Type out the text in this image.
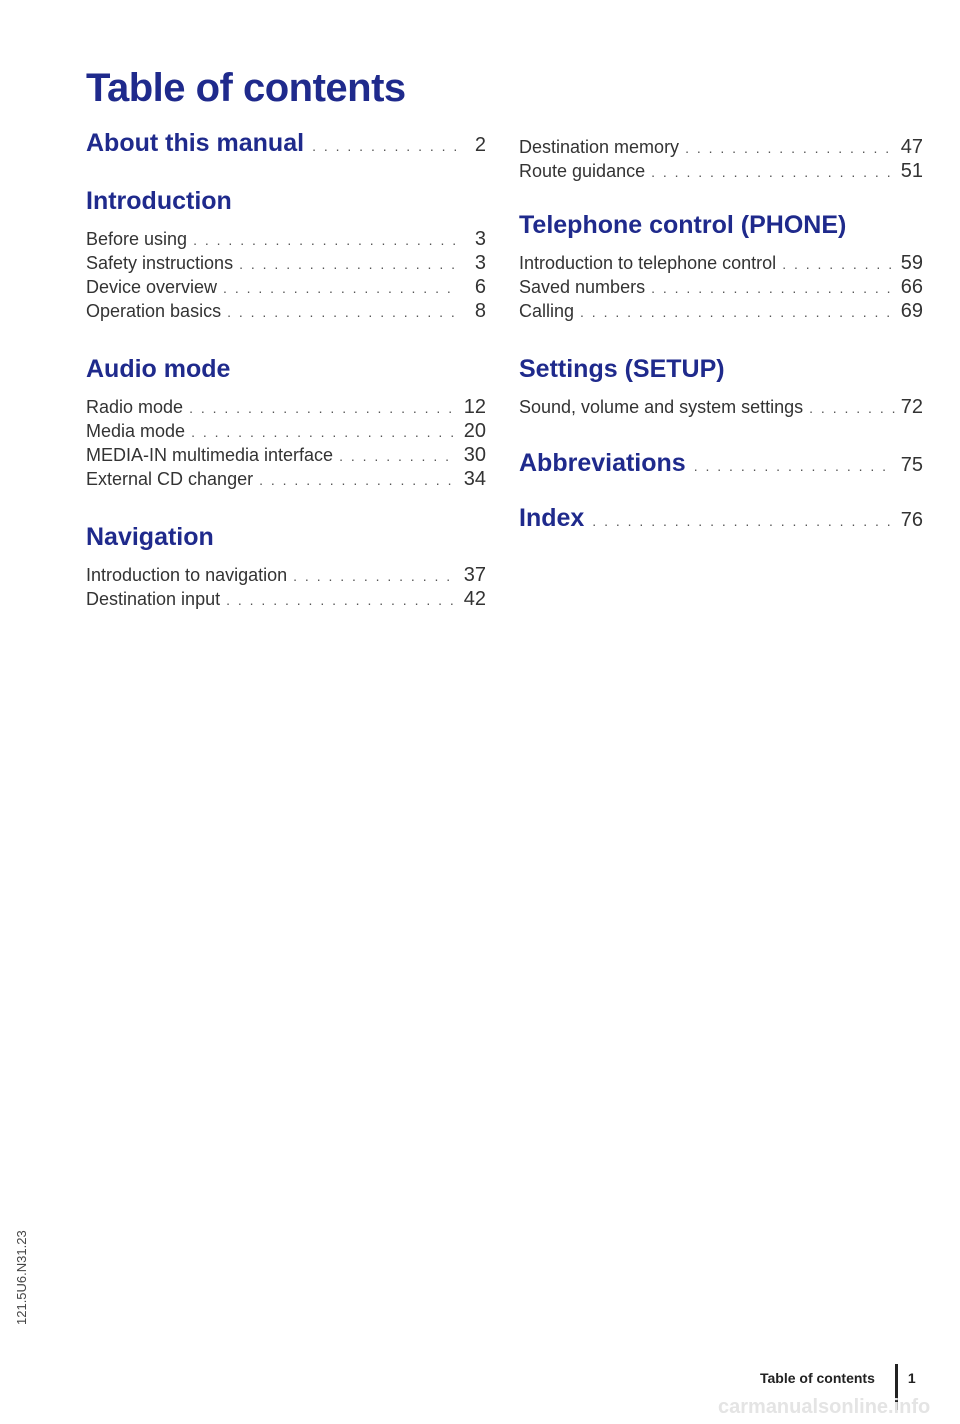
Table of contents
About this manual . . .	2
Introduction
Before using . . .	3
Safety instructions . . .	3
Device overview . . .	6
Operation basics . . .	8
Audio mode
Radio mode . . .	12
Media mode . . .	20
MEDIA-IN multimedia interface . . .	30
External CD changer . . .	34
Navigation
Introduction to navigation . . .	37
Destination input . . .	42
Destination memory . . .	47
Route guidance . . .	51
Telephone control (PHONE)
Introduction to telephone control . . .	59
Saved numbers . . .	66
Calling . . .	69
Settings (SETUP)
Sound, volume and system settings . . .	72
Abbreviations . . .	75
Index . . .	76
121.5U6.N31.23
Table of contents 1
carmanualsonline.info
